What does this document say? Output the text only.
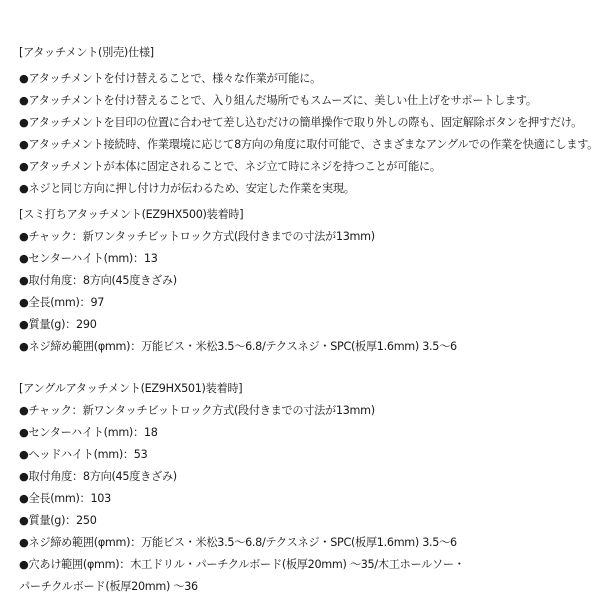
[アタッチメント(別売)仕様]
●アタッチメントを付け替えることで、様々な作業が可能に。
●アタッチメントを付け替えることで、入り組んだ場所でもスムーズに、美しい仕上げをサポートします。
●アタッチメントを目印の位置に合わせて差し込むだけの簡単操作で取り外しの際も、固定解除ボタンを押すだけ。
●アタッチメント接続時、作業環境に応じて8方向の角度に取付可能で、さまざまなアングルでの作業を快適にします。
●アタッチメントが本体に固定されることで、ネジ立て時にネジを持つことが可能に。
●ネジと同じ方向に押し付け力が伝わるため、安定した作業を実現。
[スミ打ちアタッチメント(EZ9HX500)装着時]
●チャック：新ワンタッチビットロック方式(段付きまでの寸法が13mm)
●センターハイト(mm)：13
●取付角度：8方向(45度きざみ)
●全長(mm)：97
●質量(g)：290
●ネジ締め範囲(φmm)：万能ビス・米松3.5〜6.8/テクスネジ・SPC(板厚1.6mm) 3.5〜6
[アングルアタッチメント(EZ9HX501)装着時]
●チャック：新ワンタッチビットロック方式(段付きまでの寸法が13mm)
●センターハイト(mm)：18
●ヘッドハイト(mm)：53
●取付角度：8方向(45度きざみ)
●全長(mm)：103
●質量(g)：250
●ネジ締め範囲(φmm)：万能ビス・米松3.5〜6.8/テクスネジ・SPC(板厚1.6mm) 3.5〜6
●穴あけ範囲(φmm)：木工ドリル・パーチクルボード(板厚20mm) 〜35/木工ホールソー・
パーチクルボード(板厚20mm) 〜36
